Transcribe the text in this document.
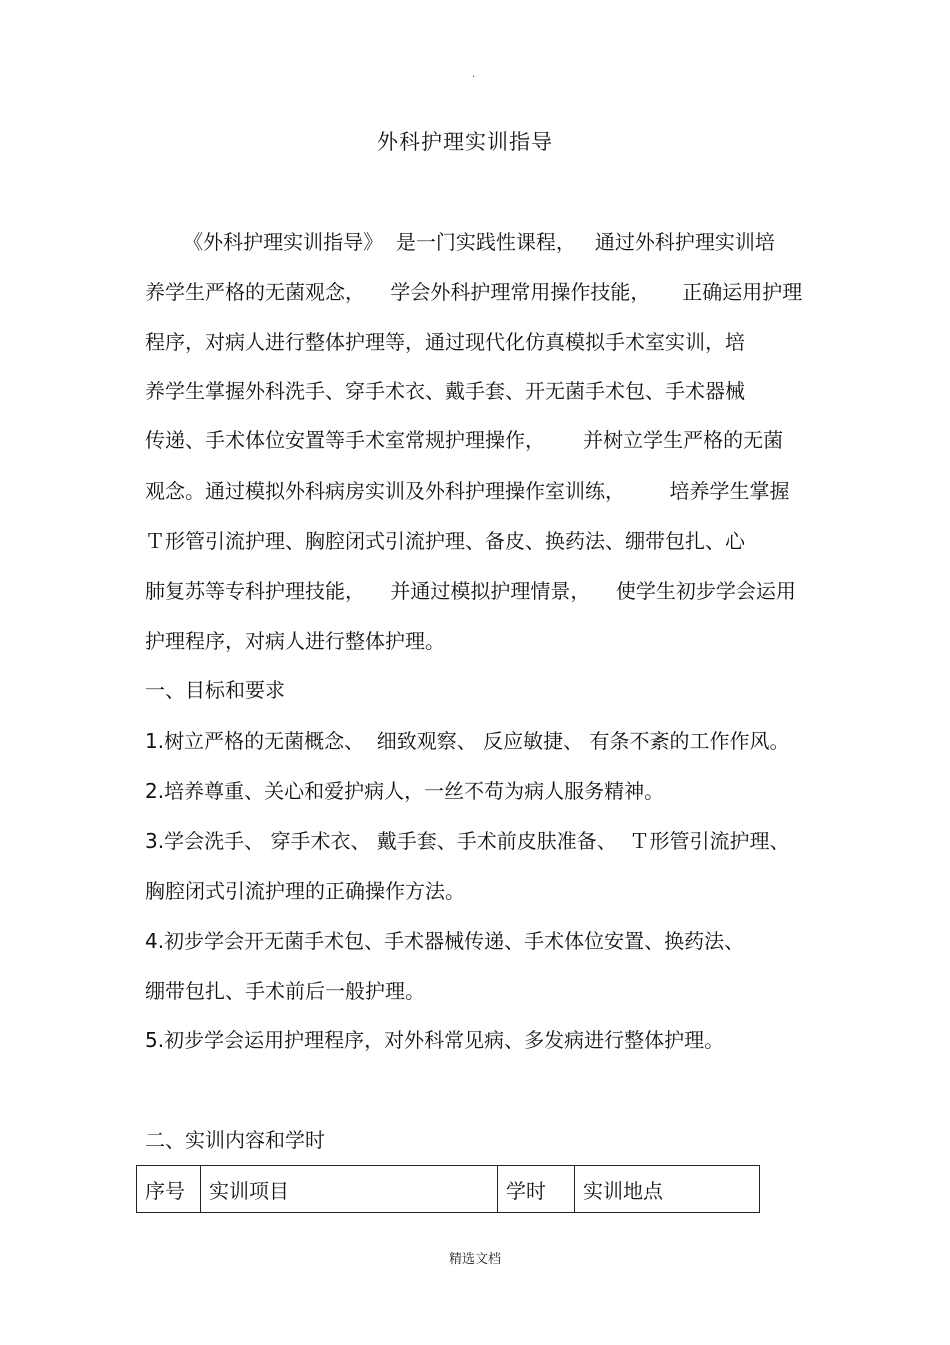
·
外科护理实训指导
《外科护理实训指导》  是一门实践性课程，   通过外科护理实训培
养学生严格的无菌观念，    学会外科护理常用操作技能，     正确运用护理
程序，对病人进行整体护理等，通过现代化仿真模拟手术室实训，培
养学生掌握外科洗手、穿手术衣、戴手套、开无菌手术包、手术器械
传递、手术体位安置等手术室常规护理操作，      并树立学生严格的无菌
观念。通过模拟外科病房实训及外科护理操作室训练，       培养学生掌握
Ｔ形管引流护理、胸腔闭式引流护理、备皮、换药法、绷带包扎、心
肺复苏等专科护理技能，    并通过模拟护理情景，    使学生初步学会运用
护理程序，对病人进行整体护理。
一、目标和要求
1.树立严格的无菌概念、  细致观察、 反应敏捷、 有条不紊的工作作风。
2.培养尊重、关心和爱护病人，一丝不苟为病人服务精神。
3.学会洗手、 穿手术衣、 戴手套、手术前皮肤准备、  Ｔ形管引流护理、
胸腔闭式引流护理的正确操作方法。
4.初步学会开无菌手术包、手术器械传递、手术体位安置、换药法、
绷带包扎、手术前后一般护理。
5.初步学会运用护理程序，对外科常见病、多发病进行整体护理。
二、实训内容和学时
序号	实训项目	学时	实训地点
精选文档
